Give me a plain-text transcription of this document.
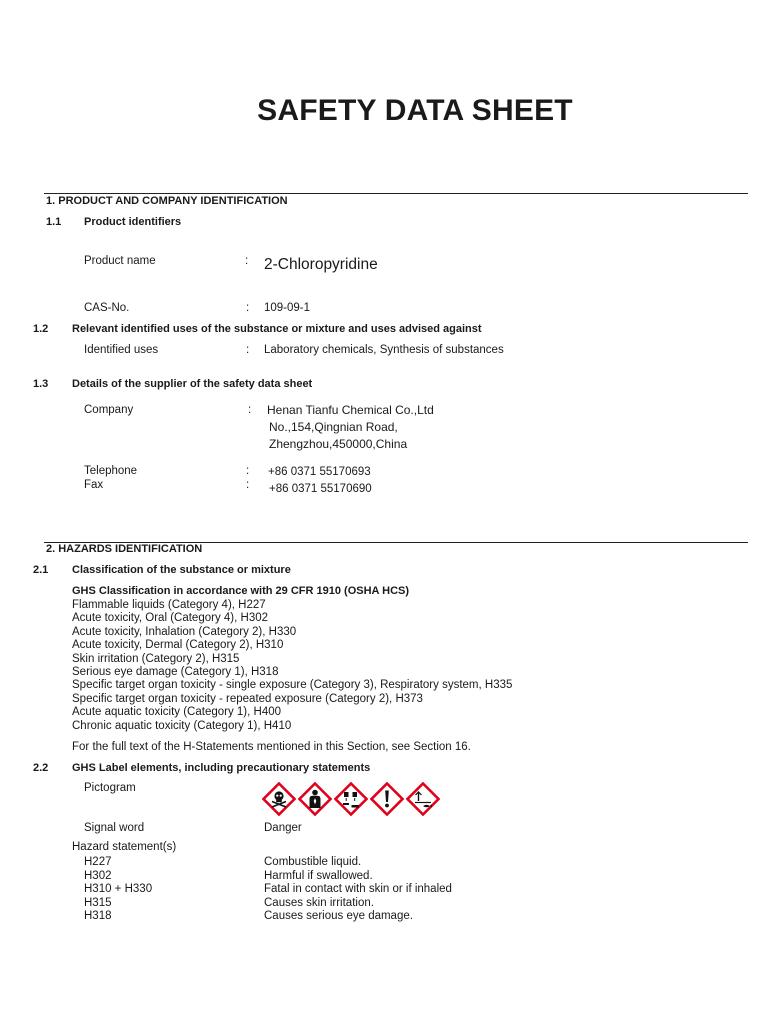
SAFETY DATA SHEET
1. PRODUCT AND COMPANY IDENTIFICATION
1.1 Product identifiers
Product name	: 2-Chloropyridine
CAS-No.	: 109-09-1
1.2 Relevant identified uses of the substance or mixture and uses advised against
Identified uses	: Laboratory chemicals, Synthesis of substances
1.3 Details of the supplier of the safety data sheet
Company	: Henan Tianfu Chemical Co.,Ltd
No.,154,Qingnian Road,
Zhengzhou,450000,China
Telephone	: +86 0371 55170693
Fax	: +86 0371 55170690
2. HAZARDS IDENTIFICATION
2.1 Classification of the substance or mixture
GHS Classification in accordance with 29 CFR 1910 (OSHA HCS)
Flammable liquids (Category 4), H227
Acute toxicity, Oral (Category 4), H302
Acute toxicity, Inhalation (Category 2), H330
Acute toxicity, Dermal (Category 2), H310
Skin irritation (Category 2), H315
Serious eye damage (Category 1), H318
Specific target organ toxicity - single exposure (Category 3), Respiratory system, H335
Specific target organ toxicity - repeated exposure (Category 2), H373
Acute aquatic toxicity (Category 1), H400
Chronic aquatic toxicity (Category 1), H410
For the full text of the H-Statements mentioned in this Section, see Section 16.
2.2 GHS Label elements, including precautionary statements
Pictogram
Signal word	Danger
Hazard statement(s)
H227	Combustible liquid.
H302	Harmful if swallowed.
H310 + H330	Fatal in contact with skin or if inhaled
H315	Causes skin irritation.
H318	Causes serious eye damage.
